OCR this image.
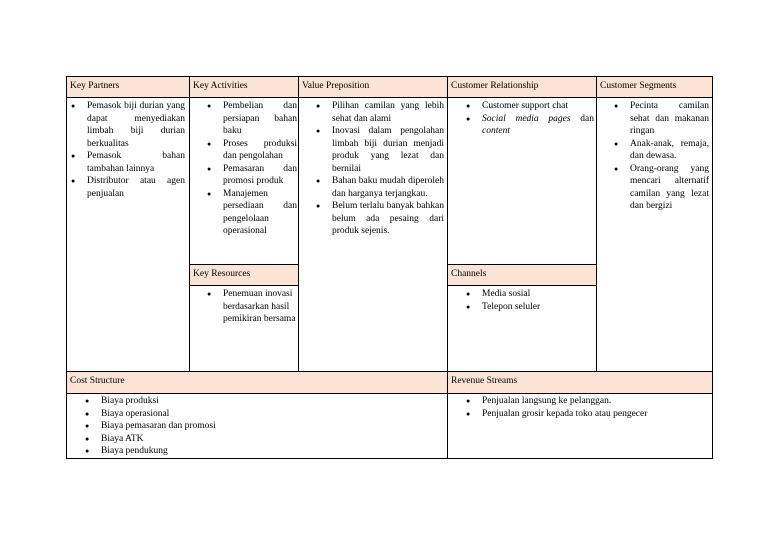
Key Partners
● Pemasok biji durian yang dapat menyediakan limbah biji durian berkualitas
● Pemasok bahan tambahan lainnya
● Distributor atau agen penjualan
Key Activities
● Pembelian dan persiapan bahan baku
● Proses produksi dan pengolahan
● Pemasaran dan promosi produk
● Manajemen persediaan dan pengelolaan operasional
Key Resources
● Penemuan inovasi berdasarkan hasil pemikiran bersama
Value Preposition
● Pilihan camilan yang lebih sehat dan alami
● Inovasi dalam pengolahan limbah biji durian menjadi produk yang lezat dan bernilai
● Bahan baku mudah diperoleh dan harganya terjangkau.
● Belum terlalu banyak bahkan belum ada pesaing dari produk sejenis.
Customer Relationship
● Customer support chat
● Social media pages dan content
Channels
● Media sosial
● Telepon seluler
Customer Segments
● Pecinta camilan sehat dan makanan ringan
● Anak-anak, remaja, dan dewasa.
● Orang-orang yang mencari alternatif camilan yang lezat dan bergizi
Cost Structure
● Biaya produksi
● Biaya operasional
● Biaya pemasaran dan promosi
● Biaya ATK
● Biaya pendukung
Revenue Streams
● Penjualan langsung ke pelanggan.
● Penjualan grosir kepada toko atau pengecer
